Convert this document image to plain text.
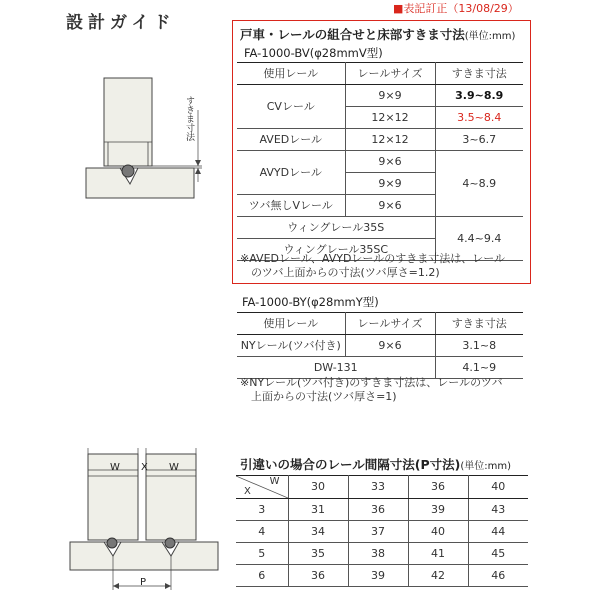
設計ガイド
■表記訂正（13/08/29）
すきま寸法
戸車・レールの組合せと床部すきま寸法(単位:mm)
FA-1000-BV(φ28mmV型)
使用レール	レールサイズ	すきま寸法
CVレール	9×9	3.9~8.9
	12×12	3.5~8.4
AVEDレール	12×12	3~6.7
AVYDレール	9×6	4~8.9
	9×9	
ツバ無しVレール	9×6	
ウィングレール35S		4.4~9.4
ウィングレール35SC		
※AVEDレール、AVYDレールのすきま寸法は、レール
のツバ上面からの寸法(ツバ厚さ=1.2)
FA-1000-BY(φ28mmY型)
使用レール	レールサイズ	すきま寸法
NYレール(ツバ付き)	9×6	3.1~8
DW-131		4.1~9
※NYレール(ツバ付き)のすきま寸法は、レールのツバ
上面からの寸法(ツバ厚さ=1)
W X W
P
引違いの場合のレール間隔寸法(P寸法)(単位:mm)
W
X	30	33	36	40
3	31	36	39	43
4	34	37	40	44
5	35	38	41	45
6	36	39	42	46
